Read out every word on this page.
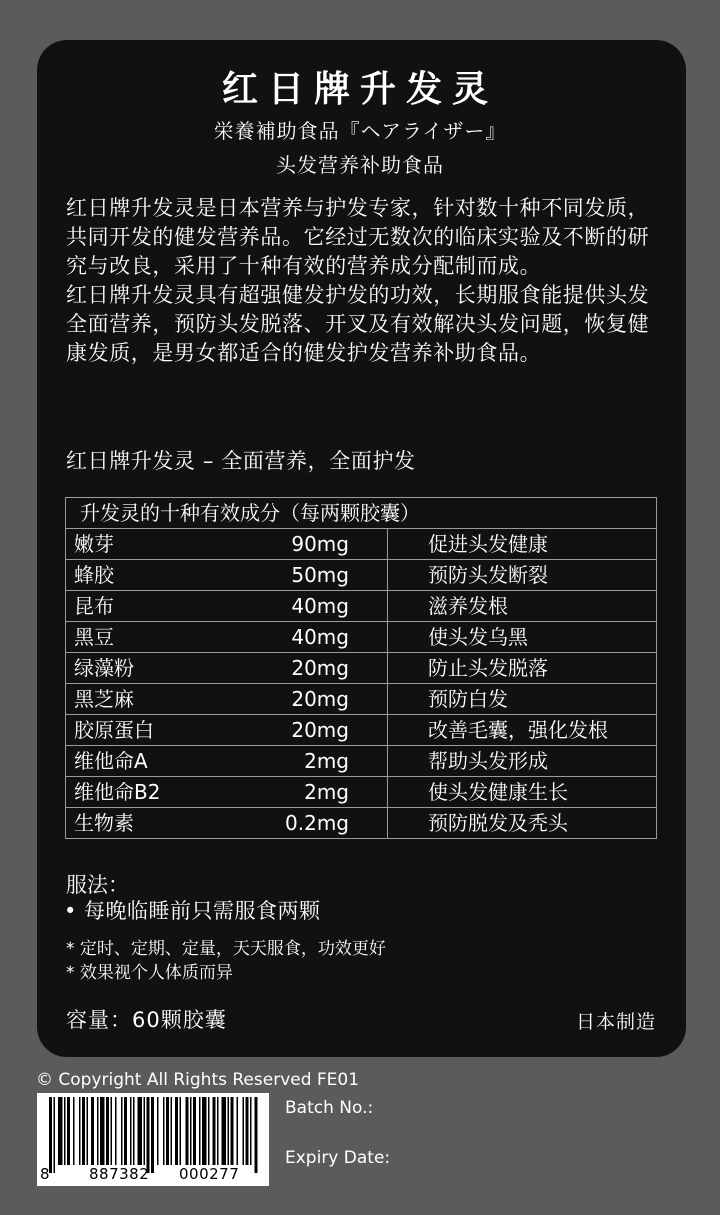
红日牌升发灵
栄養補助食品『ヘアライザー』
头发营养补助食品

红日牌升发灵是日本营养与护发专家，针对数十种不同发质，共同开发的健发营养品。它经过无数次的临床实验及不断的研究与改良，采用了十种有效的营养成分配制而成。

红日牌升发灵具有超强健发护发的功效，长期服食能提供头发全面营养，预防头发脱落、开叉及有效解决头发问题，恢复健康发质，是男女都适合的健发护发营养补助食品。

红日牌升发灵 – 全面营养，全面护发
升发灵的十种有效成分（每两颗胶囊）		
嫩芽	90mg	促进头发健康
蜂胶	50mg	预防头发断裂
昆布	40mg	滋养发根
黑豆	40mg	使头发乌黑
绿藻粉	20mg	防止头发脱落
黑芝麻	20mg	预防白发
胶原蛋白	20mg	改善毛囊，强化发根
维他命A	2mg	帮助头发形成
维他命B2	2mg	使头发健康生长
生物素	0.2mg	预防脱发及秃头
服法：
• 每晚临睡前只需服食两颗
* 定时、定期、定量，天天服食，功效更好
* 效果视个人体质而异
容量：60颗胶囊	日本制造
© Copyright All Rights Reserved FE01
8	887382 000277
Batch No.:
Expiry Date:
